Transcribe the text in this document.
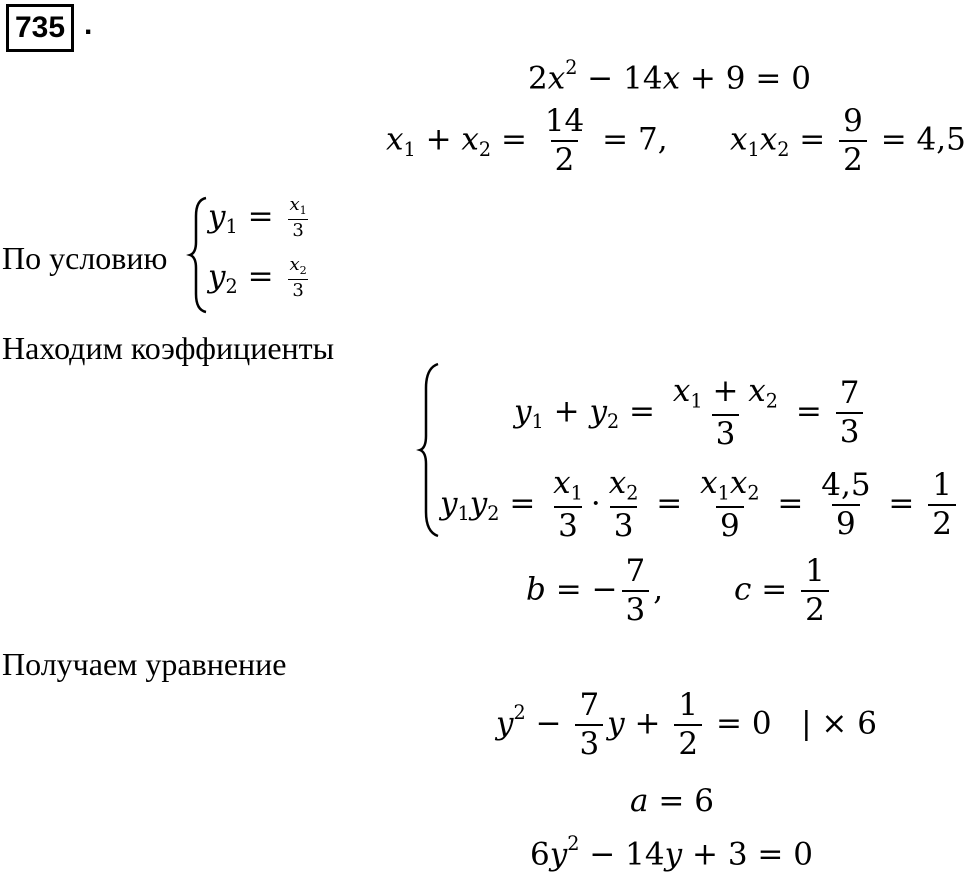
735 .
$2x^2 - 14x + 9 = 0$
$x_1 + x_2 = \frac{14}{2} = 7$, $x_1x_2 = \frac{9}{2} = 4,5$
По условию
$y_1 = \frac{x_1}{3}$
$y_2 = \frac{x_2}{3}$
Находим коэффициенты
$y_1 + y_2 = \frac{x_1 + x_2}{3} = \frac{7}{3}$
$y_1y_2 = \frac{x_1}{3} \cdot \frac{x_2}{3} = \frac{x_1x_2}{9} = \frac{4,5}{9} = \frac{1}{2}$
b = − $\frac{7}{3}$ , $c = \frac{1}{2}$
Получаем уравнение
$y^2 - \frac{7}{3}$ $y + \frac{1}{2} = 0$ | × 6
a = 6
$6y^2 - 14y + 3 = 0$
